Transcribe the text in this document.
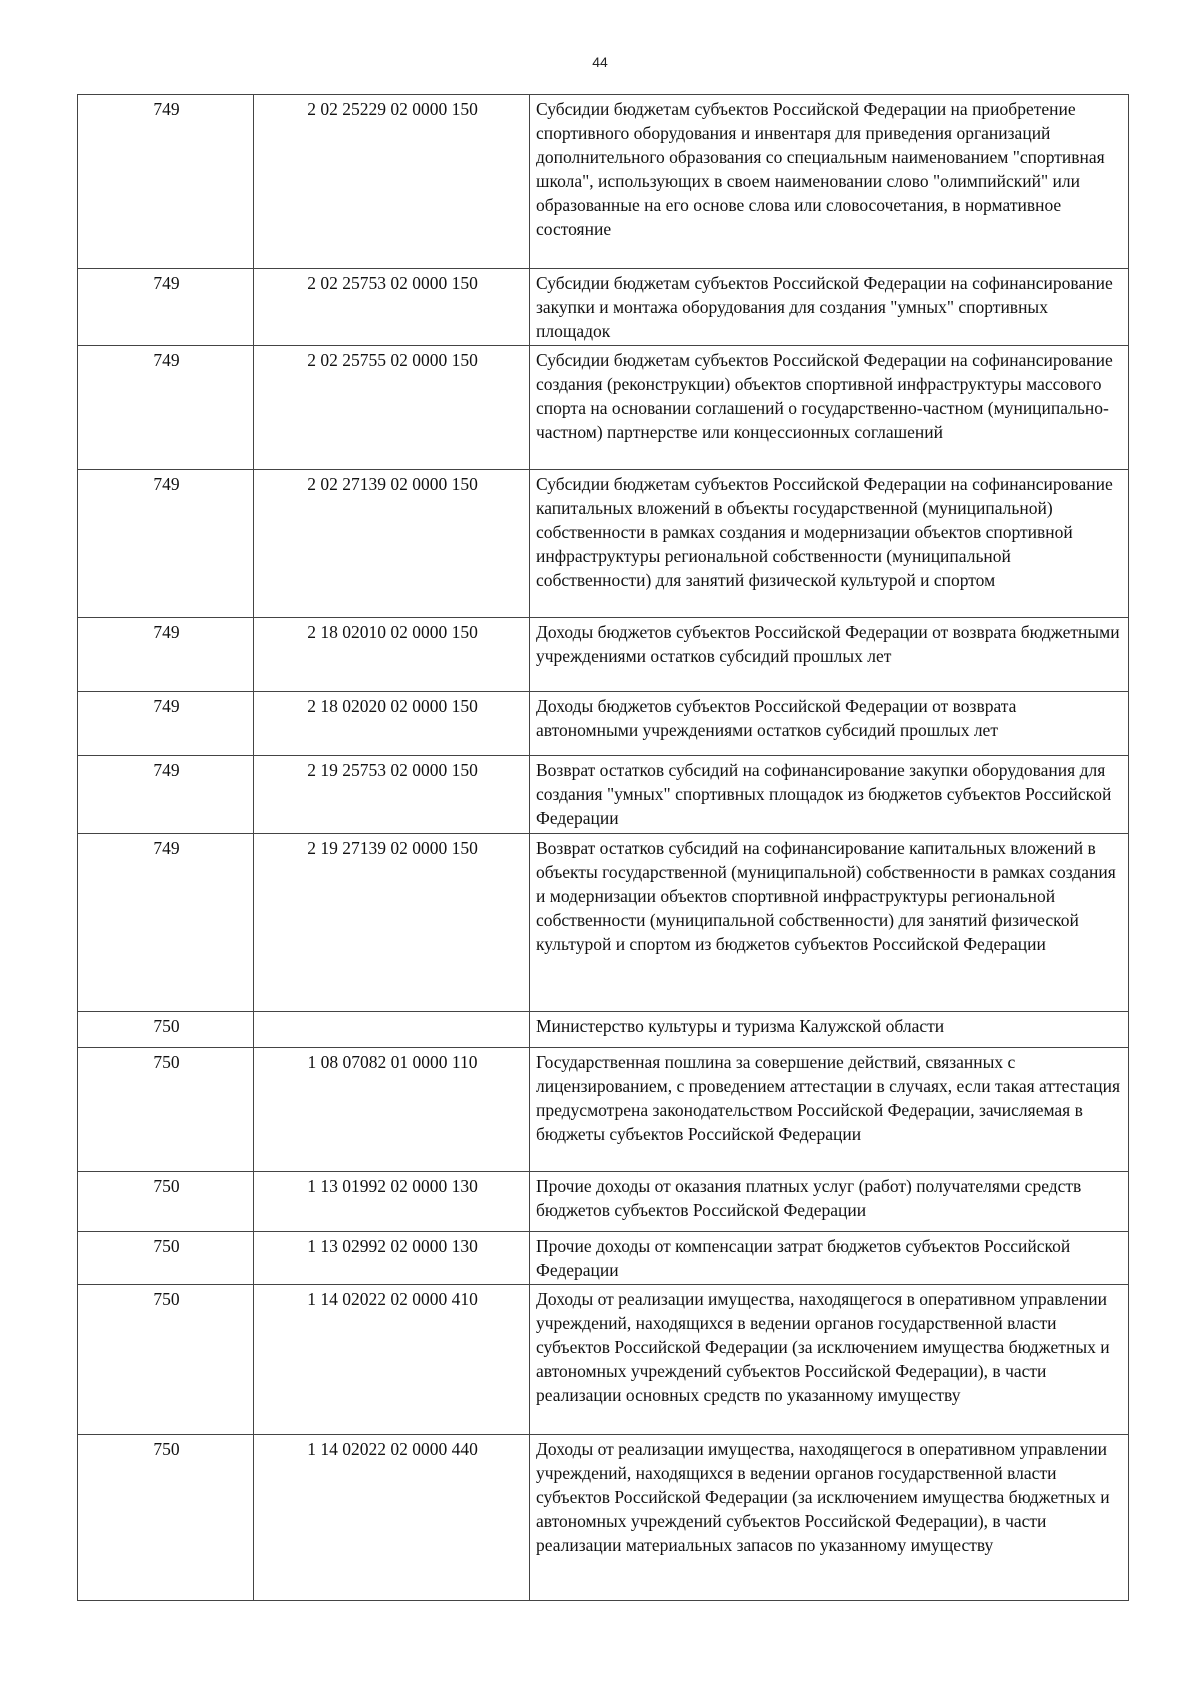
44
749	2 02 25229 02 0000 150	Субсидии бюджетам субъектов Российской Федерации на приобретение спортивного оборудования и инвентаря для приведения организаций дополнительного образования со специальным наименованием "спортивная школа", использующих в своем наименовании слово "олимпийский" или образованные на его основе слова или словосочетания, в нормативное состояние
749	2 02 25753 02 0000 150	Субсидии бюджетам субъектов Российской Федерации на софинансирование закупки и монтажа оборудования для создания "умных" спортивных площадок
749	2 02 25755 02 0000 150	Субсидии бюджетам субъектов Российской Федерации на софинансирование создания (реконструкции) объектов спортивной инфраструктуры массового спорта на основании соглашений о государственно-частном (муниципально-частном) партнерстве или концессионных соглашений
749	2 02 27139 02 0000 150	Субсидии бюджетам субъектов Российской Федерации на софинансирование капитальных вложений в объекты государственной (муниципальной) собственности в рамках создания и модернизации объектов спортивной инфраструктуры региональной собственности (муниципальной собственности) для занятий физической культурой и спортом
749	2 18 02010 02 0000 150	Доходы бюджетов субъектов Российской Федерации от возврата бюджетными учреждениями остатков субсидий прошлых лет
749	2 18 02020 02 0000 150	Доходы бюджетов субъектов Российской Федерации от возврата автономными учреждениями остатков субсидий прошлых лет
749	2 19 25753 02 0000 150	Возврат остатков субсидий на софинансирование закупки оборудования для создания "умных" спортивных площадок из бюджетов субъектов Российской Федерации
749	2 19 27139 02 0000 150	Возврат остатков субсидий на софинансирование капитальных вложений в объекты государственной (муниципальной) собственности в рамках создания и модернизации объектов спортивной инфраструктуры региональной собственности (муниципальной собственности) для занятий физической культурой и спортом из бюджетов субъектов Российской Федерации
750		Министерство культуры и туризма Калужской области
750	1 08 07082 01 0000 110	Государственная пошлина за совершение действий, связанных с лицензированием, с проведением аттестации в случаях, если такая аттестация предусмотрена законодательством Российской Федерации, зачисляемая в бюджеты субъектов Российской Федерации
750	1 13 01992 02 0000 130	Прочие доходы от оказания платных услуг (работ) получателями средств бюджетов субъектов Российской Федерации
750	1 13 02992 02 0000 130	Прочие доходы от компенсации затрат бюджетов субъектов Российской Федерации
750	1 14 02022 02 0000 410	Доходы от реализации имущества, находящегося в оперативном управлении учреждений, находящихся в ведении органов государственной власти субъектов Российской Федерации (за исключением имущества бюджетных и автономных учреждений субъектов Российской Федерации), в части реализации основных средств по указанному имуществу
750	1 14 02022 02 0000 440	Доходы от реализации имущества, находящегося в оперативном управлении учреждений, находящихся в ведении органов государственной власти субъектов Российской Федерации (за исключением имущества бюджетных и автономных учреждений субъектов Российской Федерации), в части реализации материальных запасов по указанному имуществу
